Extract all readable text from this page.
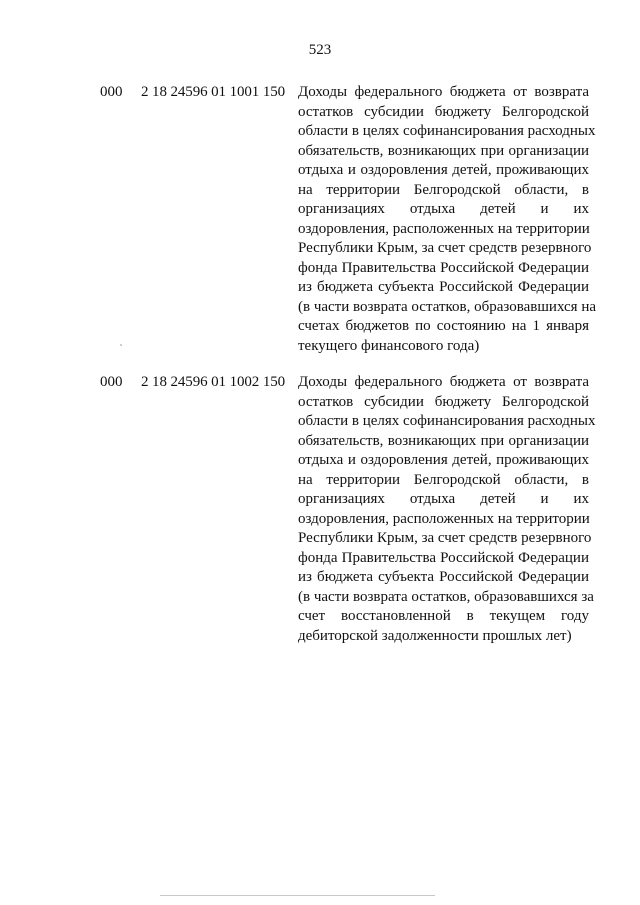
523
000 2 18 24596 01 1001 150 Доходы федерального бюджета от возврата
остатков субсидии бюджету Белгородской
области в целях софинансирования расходных
обязательств, возникающих при организации
отдыха и оздоровления детей, проживающих
на территории Белгородской области, в
организациях отдыха детей и их
оздоровления, расположенных на территории
Республики Крым, за счет средств резервного
фонда Правительства Российской Федерации
из бюджета субъекта Российской Федерации
(в части возврата остатков, образовавшихся на
счетах бюджетов по состоянию на 1 января
текущего финансового года)
000 2 18 24596 01 1002 150 Доходы федерального бюджета от возврата
остатков субсидии бюджету Белгородской
области в целях софинансирования расходных
обязательств, возникающих при организации
отдыха и оздоровления детей, проживающих
на территории Белгородской области, в
организациях отдыха детей и их
оздоровления, расположенных на территории
Республики Крым, за счет средств резервного
фонда Правительства Российской Федерации
из бюджета субъекта Российской Федерации
(в части возврата остатков, образовавшихся за
счет восстановленной в текущем году
дебиторской задолженности прошлых лет)
